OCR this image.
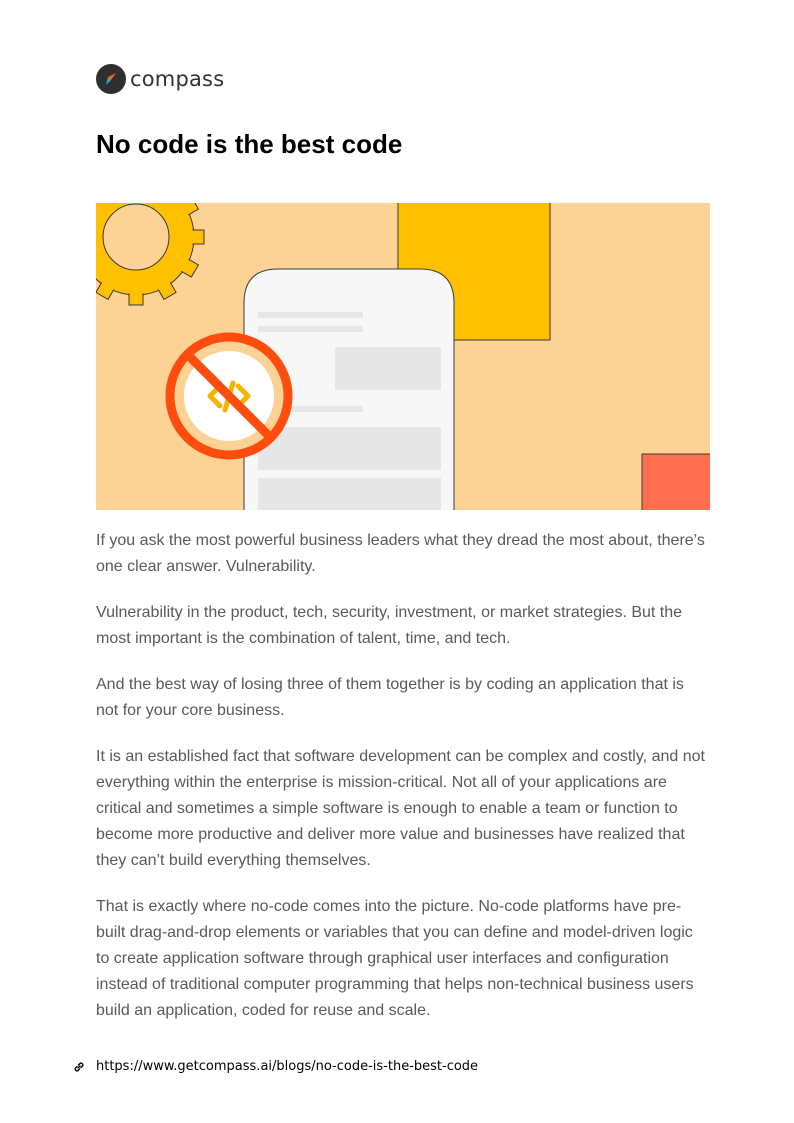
compass
No code is the best code

If you ask the most powerful business leaders what they dread the most about, there’s one clear answer. Vulnerability.

Vulnerability in the product, tech, security, investment, or market strategies. But the most important is the combination of talent, time, and tech.

And the best way of losing three of them together is by coding an application that is not for your core business.

It is an established fact that software development can be complex and costly, and not everything within the enterprise is mission-critical. Not all of your applications are critical and sometimes a simple software is enough to enable a team or function to become more productive and deliver more value and businesses have realized that they can’t build everything themselves.

That is exactly where no-code comes into the picture. No-code platforms have pre-built drag-and-drop elements or variables that you can define and model-driven logic to create application software through graphical user interfaces and configuration instead of traditional computer programming that helps non-technical business users build an application, coded for reuse and scale.

https://www.getcompass.ai/blogs/no-code-is-the-best-code
